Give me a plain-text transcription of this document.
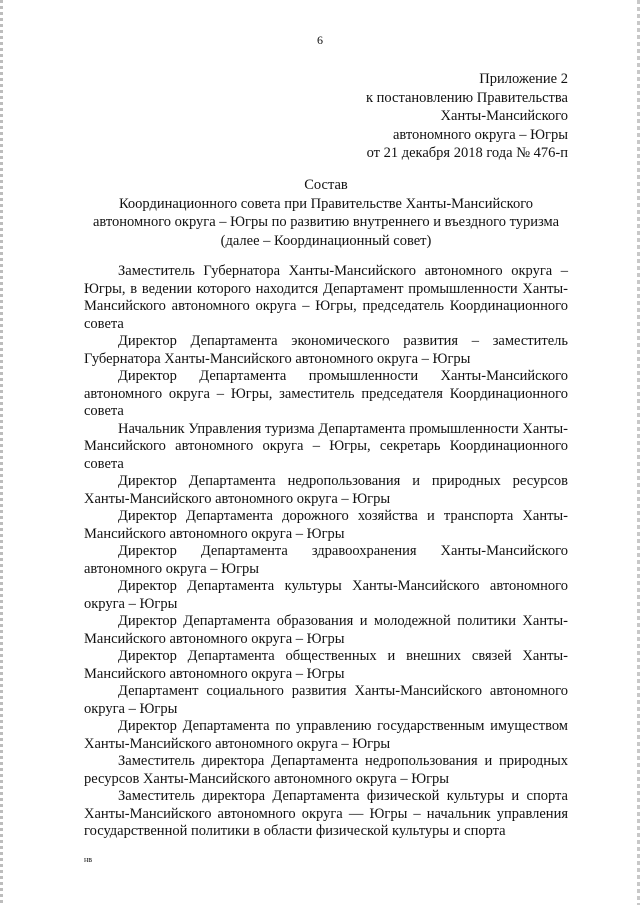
6
Приложение 2
к постановлению Правительства
Ханты-Мансийского
автономного округа – Югры
от 21 декабря 2018 года № 476-п
Состав
Координационного совета при Правительстве Ханты-Мансийского
автономного округа – Югры по развитию внутреннего и въездного туризма
(далее – Координационный совет)

Заместитель Губернатора Ханты-Мансийского автономного округа – Югры, в ведении которого находится Департамент промышленности Ханты-Мансийского автономного округа – Югры, председатель Координационного совета

Директор Департамента экономического развития – заместитель Губернатора Ханты-Мансийского автономного округа – Югры

Директор Департамента промышленности Ханты-Мансийского автономного округа – Югры, заместитель председателя Координационного совета

Начальник Управления туризма Департамента промышленности Ханты-Мансийского автономного округа – Югры, секретарь Координационного совета

Директор Департамента недропользования и природных ресурсов Ханты-Мансийского автономного округа – Югры

Директор Департамента дорожного хозяйства и транспорта Ханты-Мансийского автономного округа – Югры

Директор Департамента здравоохранения Ханты-Мансийского автономного округа – Югры

Директор Департамента культуры Ханты-Мансийского автономного округа – Югры

Директор Департамента образования и молодежной политики Ханты-Мансийского автономного округа – Югры

Директор Департамента общественных и внешних связей Ханты-Мансийского автономного округа – Югры

Департамент социального развития Ханты-Мансийского автономного округа – Югры

Директор Департамента по управлению государственным имуществом Ханты-Мансийского автономного округа – Югры

Заместитель директора Департамента недропользования и природных ресурсов Ханты-Мансийского автономного округа – Югры

Заместитель директора Департамента физической культуры и спорта Ханты-Мансийского автономного округа — Югры – начальник управления государственной политики в области физической культуры и спорта

нв
